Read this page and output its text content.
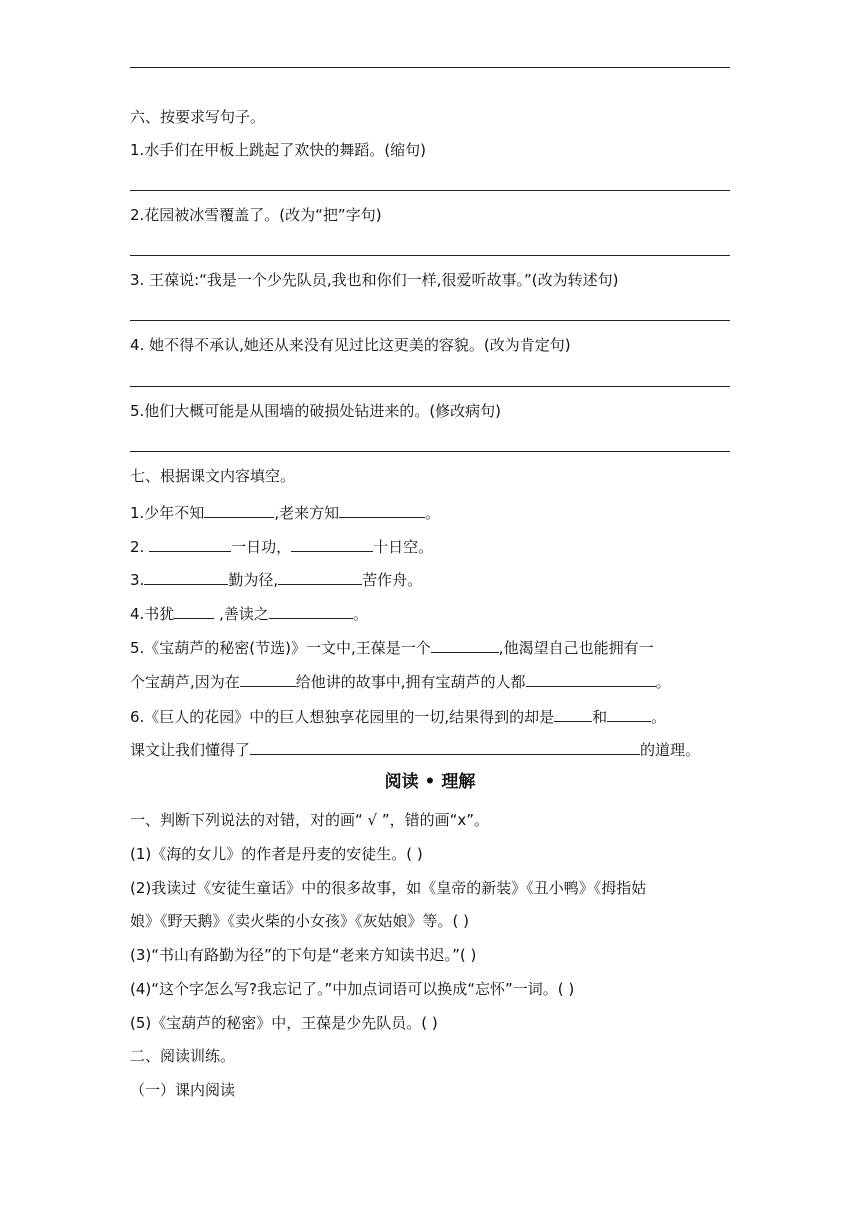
六、按要求写句子。
1.水手们在甲板上跳起了欢快的舞蹈。(缩句)
2.花园被冰雪覆盖了。(改为“把”字句)
3. 王葆说:“我是一个少先队员,我也和你们一样,很爱听故事。”(改为转述句)
4. 她不得不承认,她还从来没有见过比这更美的容貌。(改为肯定句)
5.他们大概可能是从围墙的破损处钻进来的。(修改病句)
七、根据课文内容填空。
1.少年不知	,老来方知	。
2.	一日功，	十日空。
3.	勤为径,	苦作舟。
4.书犹	,善读之	。
5.《宝葫芦的秘密(节选)》一文中,王葆是一个	,他渴望自己也能拥有一
个宝葫芦,因为在	给他讲的故事中,拥有宝葫芦的人都	。
6.《巨人的花园》中的巨人想独享花园里的一切,结果得到的却是	和	。
课文让我们懂得了	的道理。
阅读 • 理解
一、判断下列说法的对错，对的画“ √ ”，错的画“x”。
(1)《海的女儿》的作者是丹麦的安徒生。( )
(2)我读过《安徒生童话》中的很多故事，如《皇帝的新装》《丑小鸭》《拇指姑
娘》《野天鹅》《卖火柴的小女孩》《灰姑娘》等。( )
(3)“书山有路勤为径”的下句是“老来方知读书迟。”( )
(4)“这个字怎么写?我忘记了。”中加点词语可以换成“忘怀”一词。( )
(5)《宝葫芦的秘密》中，王葆是少先队员。( )
二、阅读训练。
（一）课内阅读
